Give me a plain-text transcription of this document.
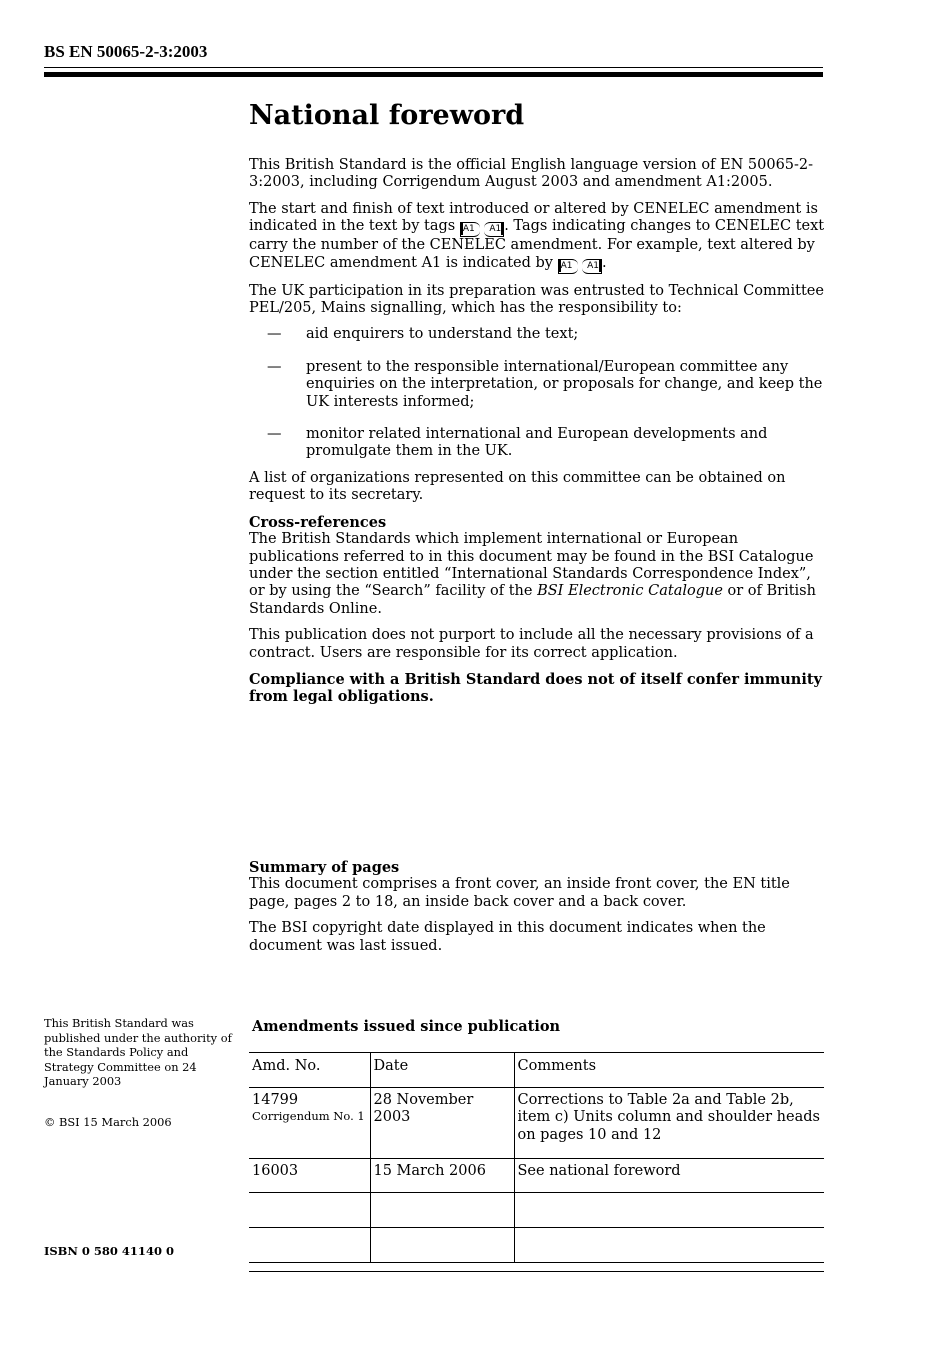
BS EN 50065-2-3:2003
National foreword

This British Standard is the official English language version of EN 50065-2-3:2003, including Corrigendum August 2003 and amendment A1:2005.

The start and finish of text introduced or altered by CENELEC amendment is indicated in the text by tags A1 A1 . Tags indicating changes to CENELEC text carry the number of the CENELEC amendment. For example, text altered by CENELEC amendment A1 is indicated by A1 A1 .

The UK participation in its preparation was entrusted to Technical Committee PEL/205, Mains signalling, which has the responsibility to:

— aid enquirers to understand the text;
— present to the responsible international/European committee any enquiries on the interpretation, or proposals for change, and keep the UK interests informed;
— monitor related international and European developments and promulgate them in the UK.

A list of organizations represented on this committee can be obtained on request to its secretary.

Cross-references

The British Standards which implement international or European publications referred to in this document may be found in the BSI Catalogue under the section entitled “International Standards Correspondence Index”, or by using the “Search” facility of the BSI Electronic Catalogue or of British Standards Online.

This publication does not purport to include all the necessary provisions of a contract. Users are responsible for its correct application.

Compliance with a British Standard does not of itself confer immunity from legal obligations.

Summary of pages

This document comprises a front cover, an inside front cover, the EN title page, pages 2 to 18, an inside back cover and a back cover.

The BSI copyright date displayed in this document indicates when the document was last issued.

This British Standard was published under the authority of the Standards Policy and Strategy Committee on 24 January 2003
© BSI 15 March 2006
ISBN 0 580 41140 0
Amendments issued since publication
Amd. No.	Date	Comments
14799
Corrigendum No. 1	28 November 2003	Corrections to Table 2a and Table 2b, item c) Units column and shoulder heads on pages 10 and 12
16003	15 March 2006	See national foreword
